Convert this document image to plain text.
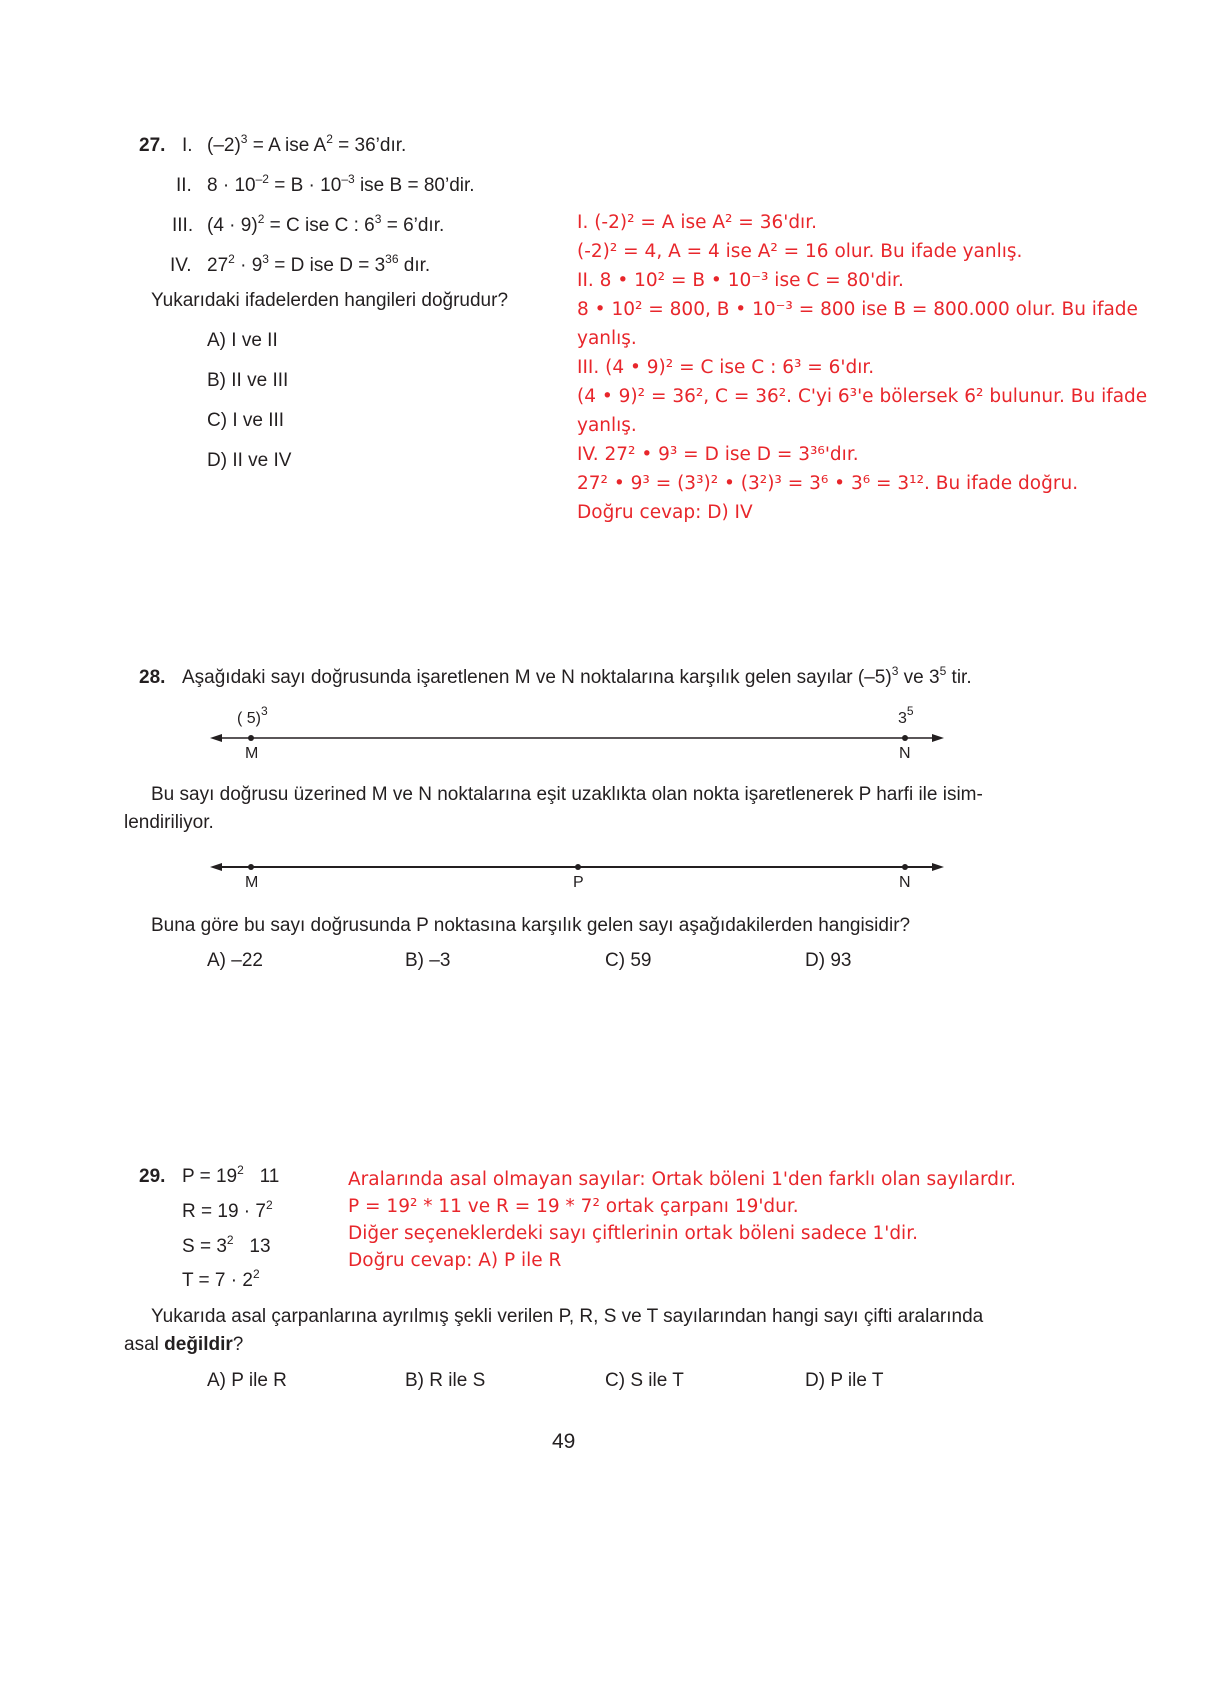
27. I. $(-2)^3 = A$ ise $A^2$ = 36’dır.
II. $8 \cdot 10^{-2} = B \cdot 10^{-3}$ ise B = 80’dir.
III. $(4 \cdot 9)^2 = C$ ise C : $6^3$ = 6’dır.
IV. $27^2 \cdot 9^3 = D$ ise $D = 3^{36}$ dır.
Yukarıdaki ifadelerden hangileri doğrudur?
A) I ve II
B) II ve III
C) I ve III
D) II ve IV
I. (-2)² = A ise A² = 36'dır.
(-2)² = 4, A = 4 ise A² = 16 olur. Bu ifade yanlış.
II. 8 • 10² = B • 10⁻³ ise C = 80'dir.
8 • 10² = 800, B • 10⁻³ = 800 ise B = 800.000 olur. Bu ifade
yanlış.
III. (4 • 9)² = C ise C : 6³ = 6'dır.
(4 • 9)² = 36², C = 36². C'yi 6³'e bölersek 6² bulunur. Bu ifade
yanlış.
IV. 27² • 9³ = D ise D = 3³⁶'dır.
27² • 9³ = (3³)² • (3²)³ = 3⁶ • 3⁶ = 3¹². Bu ifade doğru.
Doğru cevap: D) IV
28. Aşağıdaki sayı doğrusunda işaretlenen M ve N noktalarına karşılık gelen sayılar $(-5)^3$ ve $3^5$ tir.
( 5)$^3$	$3^5$
M	N
Bu sayı doğrusu üzerined M ve N noktalarına eşit uzaklıkta olan nokta işaretlenerek P harfi ile isim-
lendiriliyor.
M	P	N
Buna göre bu sayı doğrusunda P noktasına karşılık gelen sayı aşağıdakilerden hangisidir?
A) –22	B) –3	C) 59	D) 93
29. $P = 19^2$   11
$R = 19 \cdot 7^2$
$S = 3^2$   13
$T = 7 \cdot 2^2$
Aralarında asal olmayan sayılar: Ortak böleni 1'den farklı olan sayılardır.
P = 19² * 11 ve R = 19 * 7² ortak çarpanı 19'dur.
Diğer seçeneklerdeki sayı çiftlerinin ortak böleni sadece 1'dir.
Doğru cevap: A) P ile R
Yukarıda asal çarpanlarına ayrılmış şekli verilen P, R, S ve T sayılarından hangi sayı çifti aralarında
asal değildir?
A) P ile R	B) R ile S	C) S ile T	D) P ile T
49
